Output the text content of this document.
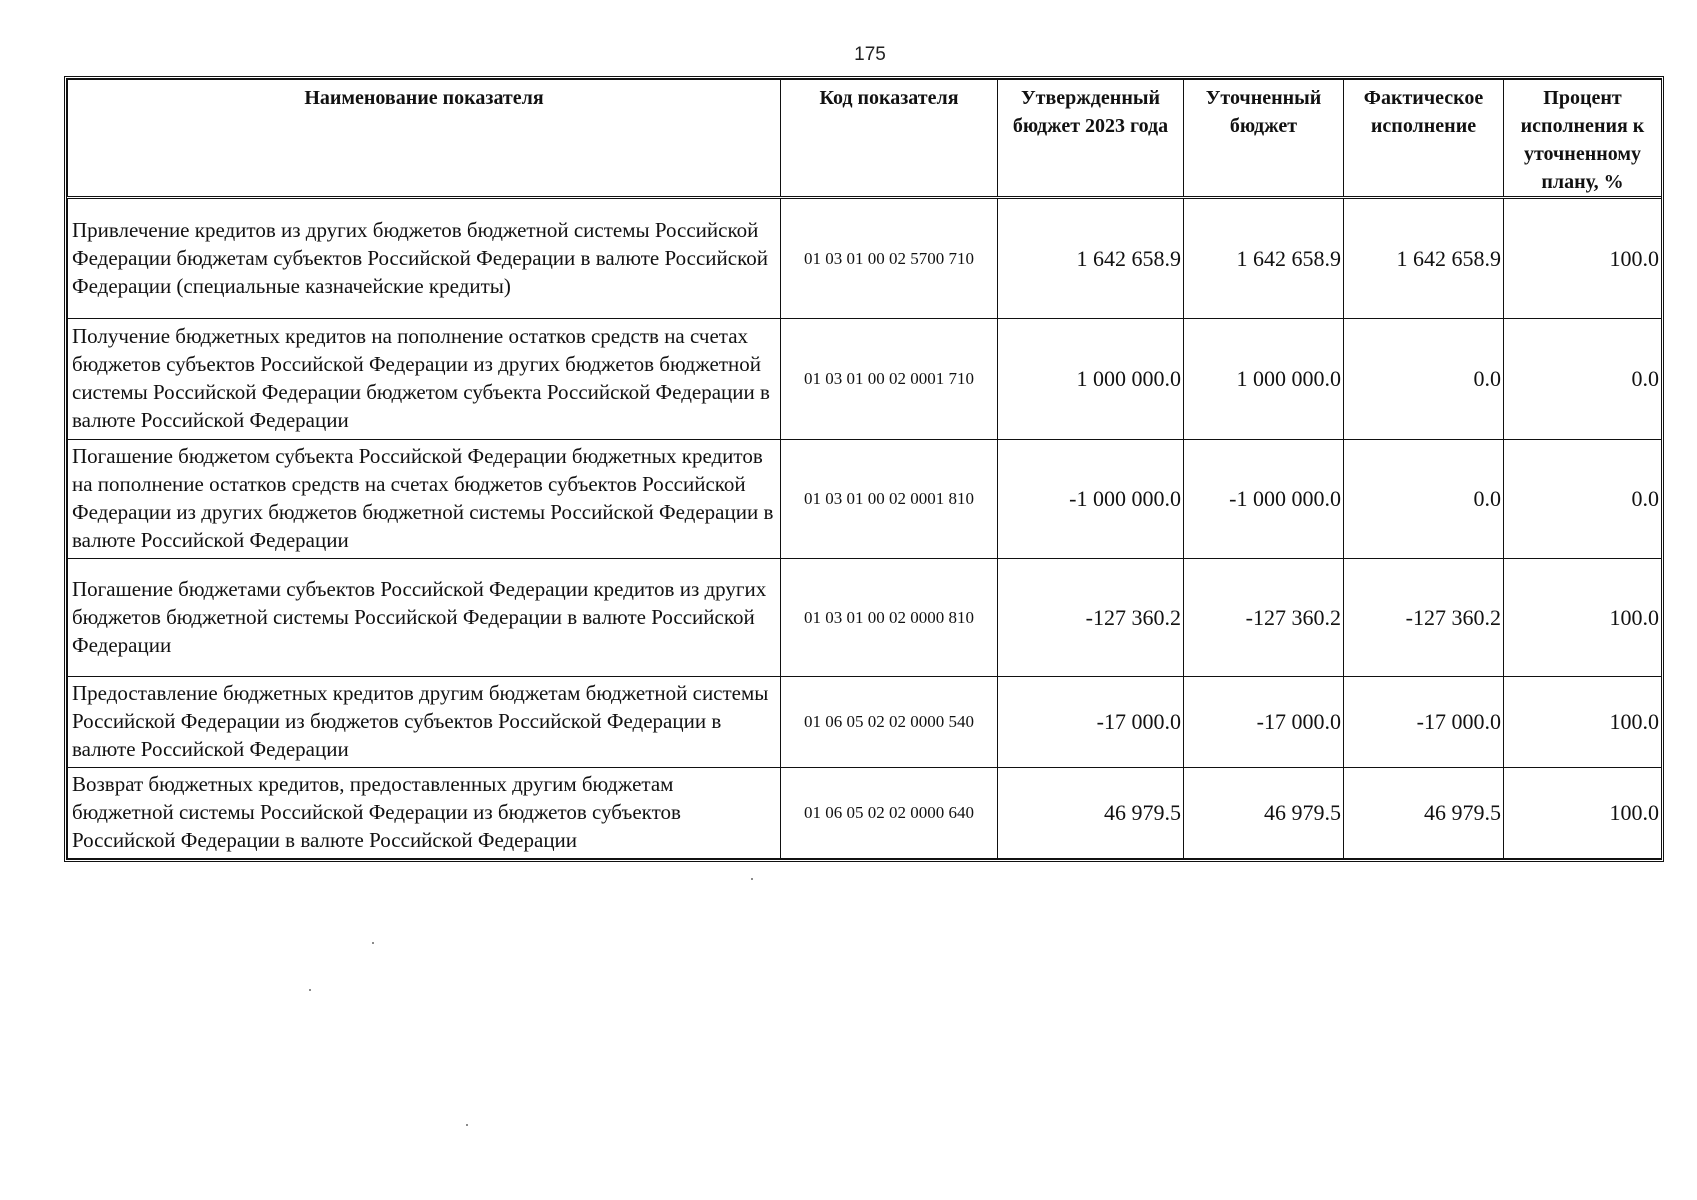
175
Наименование показателя	Код показателя	Утвержденный бюджет 2023 года	Уточненный бюджет	Фактическое исполнение	Процент исполнения к уточненному плану, %
Привлечение кредитов из других бюджетов бюджетной системы Российской Федерации бюджетам субъектов Российской Федерации в валюте Российской Федерации (специальные казначейские кредиты)	01 03 01 00 02 5700 710	1 642 658.9	1 642 658.9	1 642 658.9	100.0
Получение бюджетных кредитов на пополнение остатков средств на счетах бюджетов субъектов Российской Федерации из других бюджетов бюджетной системы Российской Федерации бюджетом субъекта Российской Федерации в валюте Российской Федерации	01 03 01 00 02 0001 710	1 000 000.0	1 000 000.0	0.0	0.0
Погашение бюджетом субъекта Российской Федерации бюджетных кредитов на пополнение остатков средств на счетах бюджетов субъектов Российской Федерации из других бюджетов бюджетной системы Российской Федерации в валюте Российской Федерации	01 03 01 00 02 0001 810	-1 000 000.0	-1 000 000.0	0.0	0.0
Погашение бюджетами субъектов Российской Федерации кредитов из других бюджетов бюджетной системы Российской Федерации в валюте Российской Федерации	01 03 01 00 02 0000 810	-127 360.2	-127 360.2	-127 360.2	100.0
Предоставление бюджетных кредитов другим бюджетам бюджетной системы Российской Федерации из бюджетов субъектов Российской Федерации в валюте Российской Федерации	01 06 05 02 02 0000 540	-17 000.0	-17 000.0	-17 000.0	100.0
Возврат бюджетных кредитов, предоставленных другим бюджетам бюджетной системы Российской Федерации из бюджетов субъектов Российской Федерации в валюте Российской Федерации	01 06 05 02 02 0000 640	46 979.5	46 979.5	46 979.5	100.0
